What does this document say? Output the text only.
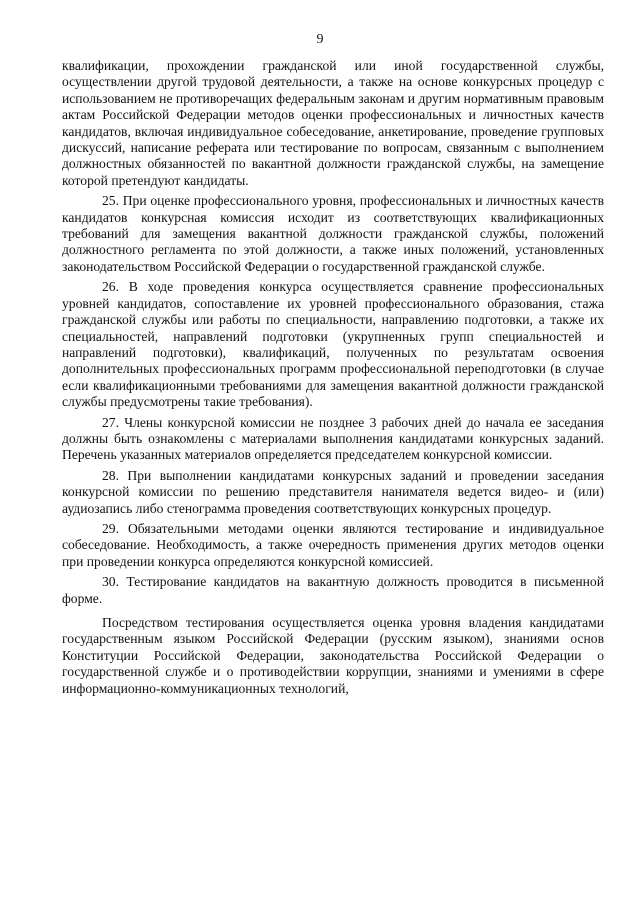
9

квалификации, прохождении гражданской или иной государственной службы, осуществлении другой трудовой деятельности, а также на основе конкурсных процедур с использованием не противоречащих федеральным законам и другим нормативным правовым актам Российской Федерации методов оценки профессиональных и личностных качеств кандидатов, включая индивидуальное собеседование, анкетирование, проведение групповых дискуссий, написание реферата или тестирование по вопросам, связанным с выполнением должностных обязанностей по вакантной должности гражданской службы, на замещение которой претендуют кандидаты.

25. При оценке профессионального уровня, профессиональных и личностных качеств кандидатов конкурсная комиссия исходит из соответствующих квалификационных требований для замещения вакантной должности гражданской службы, положений должностного регламента по этой должности, а также иных положений, установленных законодательством Российской Федерации о государственной гражданской службе.

26. В ходе проведения конкурса осуществляется сравнение профессиональных уровней кандидатов, сопоставление их уровней профессионального образования, стажа гражданской службы или работы по специальности, направлению подготовки, а также их специальностей, направлений подготовки (укрупненных групп специальностей и направлений подготовки), квалификаций, полученных по результатам освоения дополнительных профессиональных программ профессиональной переподготовки (в случае если квалификационными требованиями для замещения вакантной должности гражданской службы предусмотрены такие требования).

27. Члены конкурсной комиссии не позднее 3 рабочих дней до начала ее заседания должны быть ознакомлены с материалами выполнения кандидатами конкурсных заданий. Перечень указанных материалов определяется председателем конкурсной комиссии.

28. При выполнении кандидатами конкурсных заданий и проведении заседания конкурсной комиссии по решению представителя нанимателя ведется видео- и (или) аудиозапись либо стенограмма проведения соответствующих конкурсных процедур.

29. Обязательными методами оценки являются тестирование и индивидуальное собеседование. Необходимость, а также очередность применения других методов оценки при проведении конкурса определяются конкурсной комиссией.

30. Тестирование кандидатов на вакантную должность проводится в письменной форме.

Посредством тестирования осуществляется оценка уровня владения кандидатами государственным языком Российской Федерации (русским языком), знаниями основ Конституции Российской Федерации, законодательства Российской Федерации о государственной службе и о противодействии коррупции, знаниями и умениями в сфере информационно-коммуникационных технологий,
